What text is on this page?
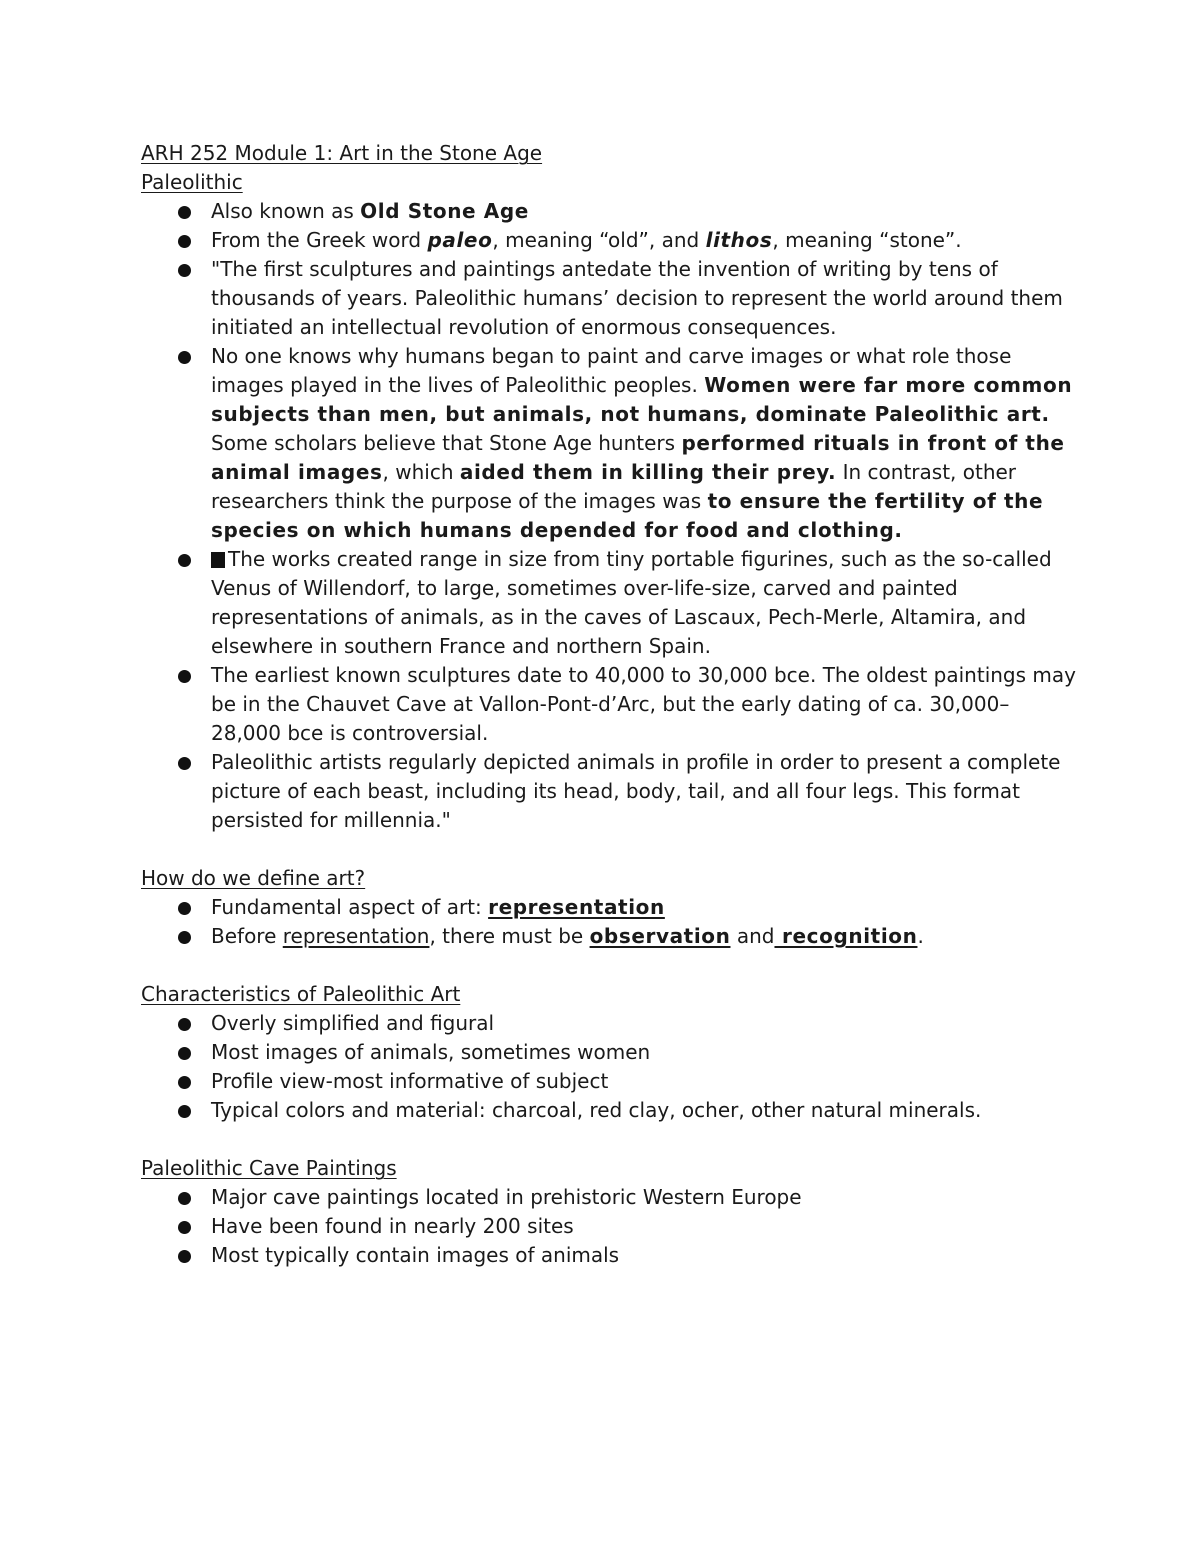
ARH 252 Module 1: Art in the Stone Age
Paleolithic
Also known as Old Stone Age
From the Greek word paleo, meaning “old”, and lithos, meaning “stone”.
"The first sculptures and paintings antedate the invention of writing by tens of thousands of years. Paleolithic humans’ decision to represent the world around them initiated an intellectual revolution of enormous consequences.
No one knows why humans began to paint and carve images or what role those images played in the lives of Paleolithic peoples. Women were far more common subjects than men, but animals, not humans, dominate Paleolithic art. Some scholars believe that Stone Age hunters performed rituals in front of the animal images, which aided them in killing their prey. In contrast, other researchers think the purpose of the images was to ensure the fertility of the species on which humans depended for food and clothing.
The works created range in size from tiny portable figurines, such as the so-called Venus of Willendorf, to large, sometimes over-life-size, carved and painted representations of animals, as in the caves of Lascaux, Pech-Merle, Altamira, and elsewhere in southern France and northern Spain.
The earliest known sculptures date to 40,000 to 30,000 bce. The oldest paintings may be in the Chauvet Cave at Vallon-Pont-d’Arc, but the early dating of ca. 30,000–28,000 bce is controversial.
Paleolithic artists regularly depicted animals in profile in order to present a complete picture of each beast, including its head, body, tail, and all four legs. This format persisted for millennia."
How do we define art?
Fundamental aspect of art: representation
Before representation, there must be observation and recognition.
Characteristics of Paleolithic Art
Overly simplified and figural
Most images of animals, sometimes women
Profile view-most informative of subject
Typical colors and material: charcoal, red clay, ocher, other natural minerals.
Paleolithic Cave Paintings
Major cave paintings located in prehistoric Western Europe
Have been found in nearly 200 sites
Most typically contain images of animals
